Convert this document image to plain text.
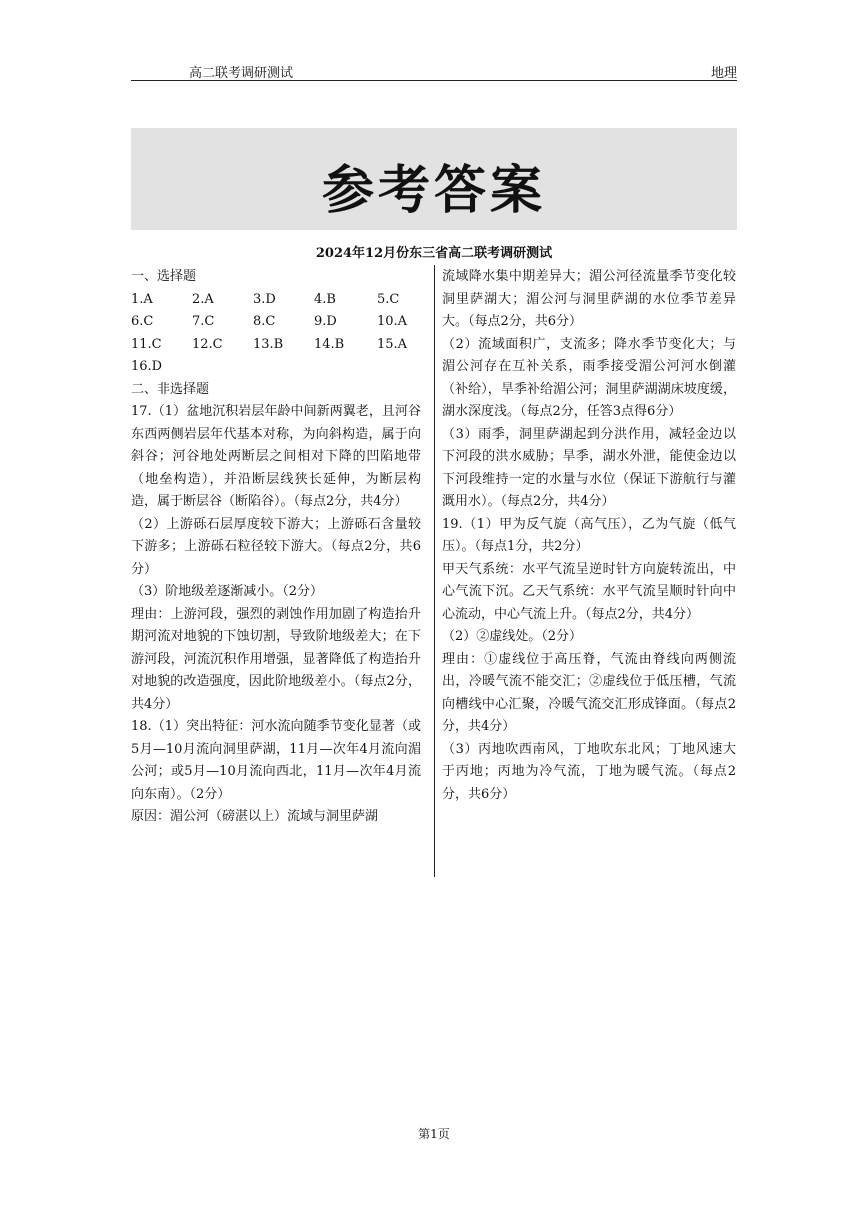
高二联考调研测试	地理
参考答案
2024年12月份东三省高二联考调研测试

一、选择题

1.A	2.A	3.D	4.B	5.C
6.C	7.C	8.C	9.D	10.A
11.C	12.C	13.B	14.B	15.A
16.D

二、非选择题

17.（1）盆地沉积岩层年龄中间新两翼老，且河谷东西两侧岩层年代基本对称，为向斜构造，属于向斜谷；河谷地处两断层之间相对下降的凹陷地带（地垒构造），并沿断层线狭长延伸，为断层构造，属于断层谷（断陷谷）。（每点2分，共4分）

（2）上游砾石层厚度较下游大；上游砾石含量较下游多；上游砾石粒径较下游大。（每点2分，共6分）

（3）阶地级差逐渐减小。（2分）

理由：上游河段，强烈的剥蚀作用加剧了构造抬升期河流对地貌的下蚀切割，导致阶地级差大；在下游河段，河流沉积作用增强，显著降低了构造抬升对地貌的改造强度，因此阶地级差小。（每点2分，共4分）

18.（1）突出特征：河水流向随季节变化显著（或5月—10月流向洞里萨湖，11月—次年4月流向湄公河；或5月—10月流向西北，11月—次年4月流向东南）。（2分）

原因：湄公河（磅湛以上）流域与洞里萨湖

流域降水集中期差异大；湄公河径流量季节变化较洞里萨湖大；湄公河与洞里萨湖的水位季节差异大。（每点2分，共6分）

（2）流域面积广，支流多；降水季节变化大；与湄公河存在互补关系，雨季接受湄公河河水倒灌（补给），旱季补给湄公河；洞里萨湖湖床坡度缓，湖水深度浅。（每点2分，任答3点得6分）

（3）雨季，洞里萨湖起到分洪作用，减轻金边以下河段的洪水威胁；旱季，湖水外泄，能使金边以下河段维持一定的水量与水位（保证下游航行与灌溉用水）。（每点2分，共4分）

19.（1）甲为反气旋（高气压），乙为气旋（低气压）。（每点1分，共2分）

甲天气系统：水平气流呈逆时针方向旋转流出，中心气流下沉。乙天气系统：水平气流呈顺时针向中心流动，中心气流上升。（每点2分，共4分）

（2）②虚线处。（2分）

理由：①虚线位于高压脊，气流由脊线向两侧流出，冷暖气流不能交汇；②虚线位于低压槽，气流向槽线中心汇聚，冷暖气流交汇形成锋面。（每点2分，共4分）

（3）丙地吹西南风，丁地吹东北风；丁地风速大于丙地；丙地为冷气流，丁地为暖气流。（每点2分，共6分）

第1页
